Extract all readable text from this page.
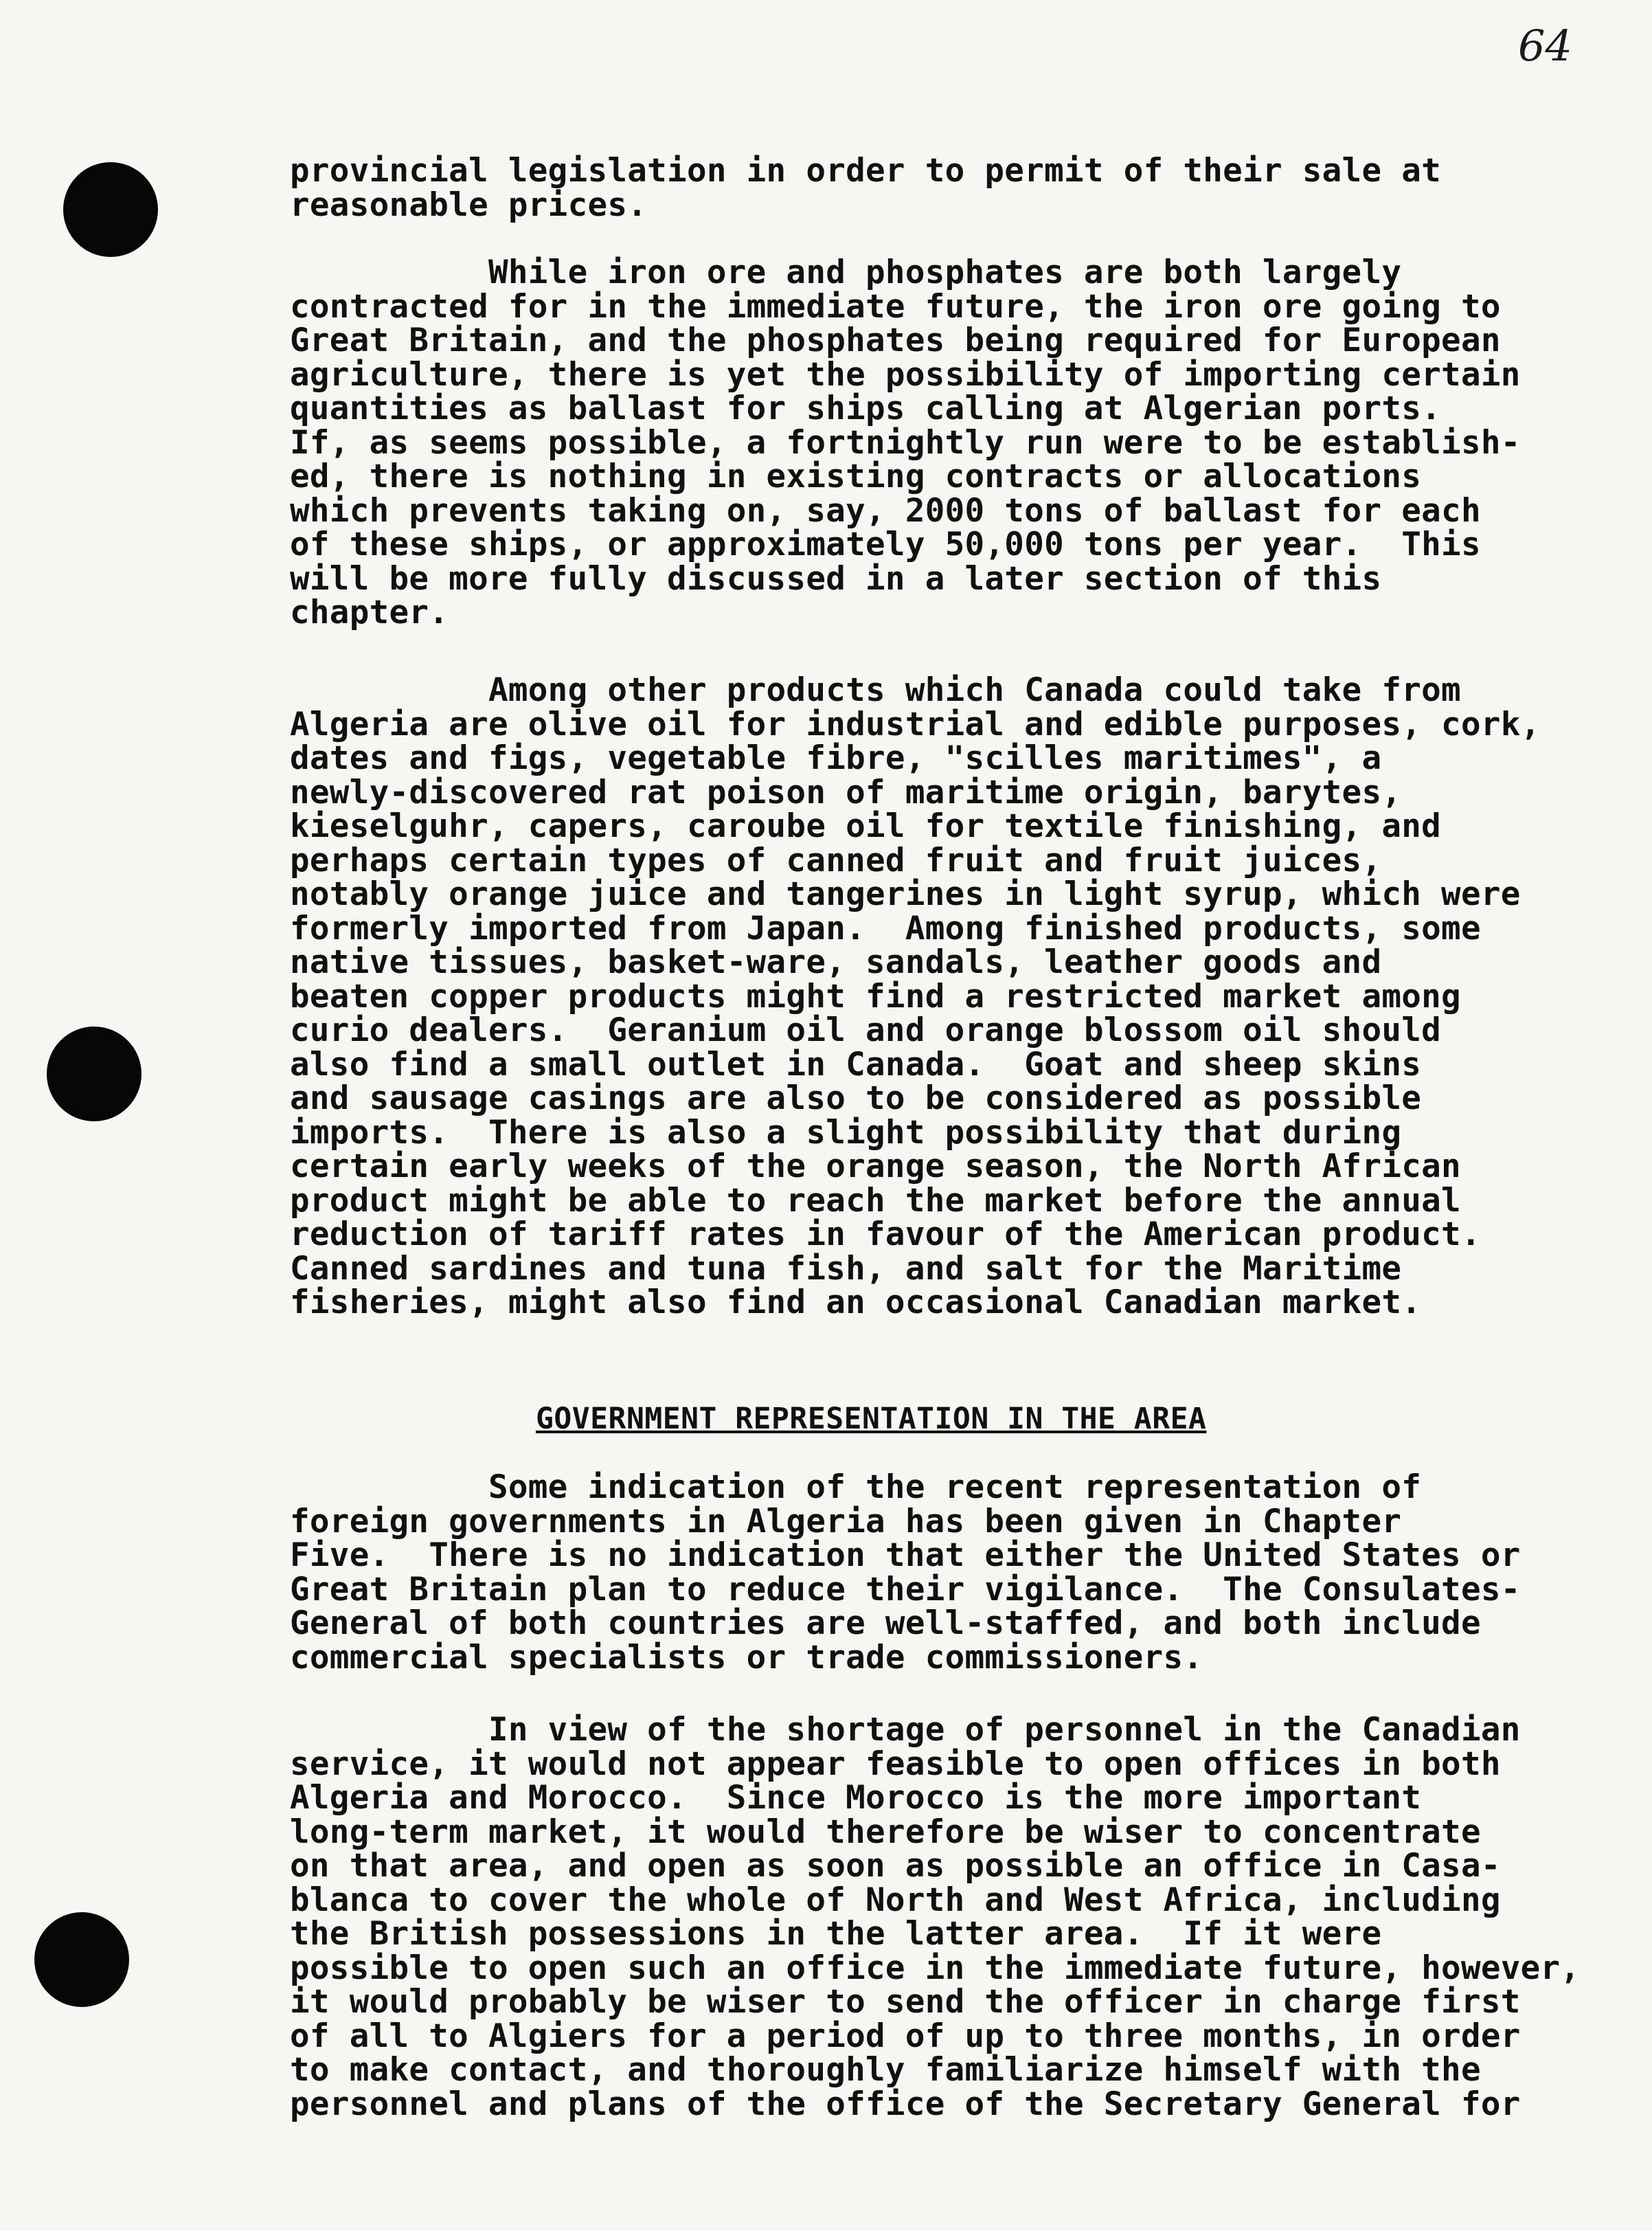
64
provincial legislation in order to permit of their sale at
reasonable prices.
While iron ore and phosphates are both largely
contracted for in the immediate future, the iron ore going to
Great Britain, and the phosphates being required for European
agriculture, there is yet the possibility of importing certain
quantities as ballast for ships calling at Algerian ports.
If, as seems possible, a fortnightly run were to be establish-
ed, there is nothing in existing contracts or allocations
which prevents taking on, say, 2000 tons of ballast for each
of these ships, or approximately 50,000 tons per year.  This
will be more fully discussed in a later section of this
chapter.
Among other products which Canada could take from
Algeria are olive oil for industrial and edible purposes, cork,
dates and figs, vegetable fibre, "scilles maritimes", a
newly-discovered rat poison of maritime origin, barytes,
kieselguhr, capers, caroube oil for textile finishing, and
perhaps certain types of canned fruit and fruit juices,
notably orange juice and tangerines in light syrup, which were
formerly imported from Japan.  Among finished products, some
native tissues, basket-ware, sandals, leather goods and
beaten copper products might find a restricted market among
curio dealers.  Geranium oil and orange blossom oil should
also find a small outlet in Canada.  Goat and sheep skins
and sausage casings are also to be considered as possible
imports.  There is also a slight possibility that during
certain early weeks of the orange season, the North African
product might be able to reach the market before the annual
reduction of tariff rates in favour of the American product.
Canned sardines and tuna fish, and salt for the Maritime
fisheries, might also find an occasional Canadian market.
GOVERNMENT REPRESENTATION IN THE AREA
Some indication of the recent representation of
foreign governments in Algeria has been given in Chapter
Five.  There is no indication that either the United States or
Great Britain plan to reduce their vigilance.  The Consulates-
General of both countries are well-staffed, and both include
commercial specialists or trade commissioners.
In view of the shortage of personnel in the Canadian
service, it would not appear feasible to open offices in both
Algeria and Morocco.  Since Morocco is the more important
long-term market, it would therefore be wiser to concentrate
on that area, and open as soon as possible an office in Casa-
blanca to cover the whole of North and West Africa, including
the British possessions in the latter area.  If it were
possible to open such an office in the immediate future, however,
it would probably be wiser to send the officer in charge first
of all to Algiers for a period of up to three months, in order
to make contact, and thoroughly familiarize himself with the
personnel and plans of the office of the Secretary General for
